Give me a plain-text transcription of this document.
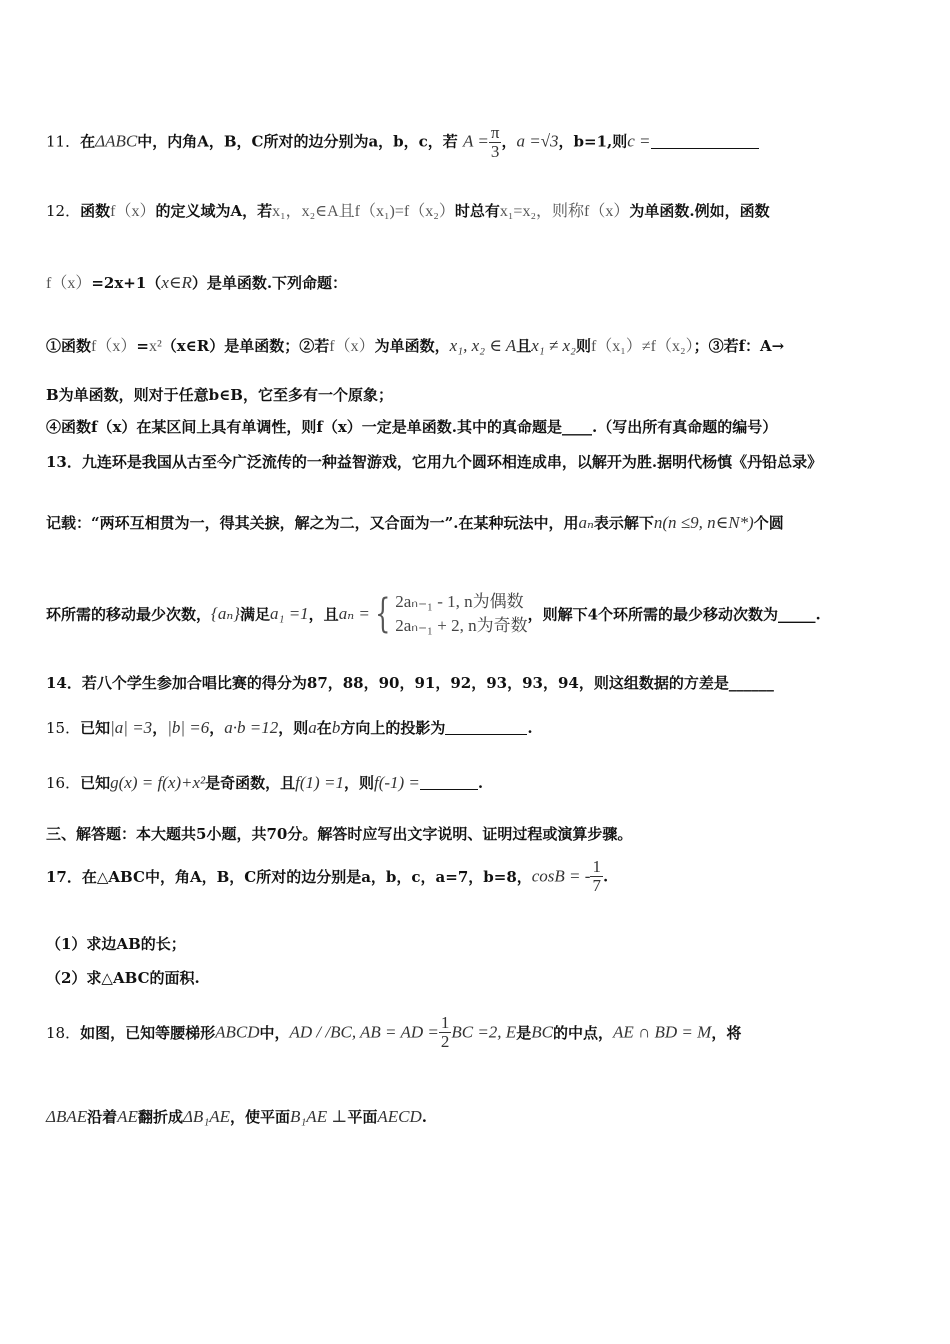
11．在ΔABC中，内角A，B，C所对的边分别为a，b，c，若 $A = \frac{\pi}{3}$ ，a =√3，b=1,则c =
12．函数f（x）的定义域为A，若x₁，x₂∈A且f（x₁)=f（x₂）时总有x₁=x₂，则称f（x）为单函数.例如，函数
f（x）=2x+1（x∈R）是单函数.下列命题：
①函数f（x）=x²（x∈R）是单函数；②若f（x）为单函数，x₁, x₂ ∈ A且x₁ ≠ x₂则f（x₁）≠f（x₂）；③若f：A→
B为单函数，则对于任意b∈B，它至多有一个原象；
④函数f（x）在某区间上具有单调性，则f（x）一定是单函数.其中的真命题是____.（写出所有真命题的编号）
13．九连环是我国从古至今广泛流传的一种益智游戏，它用九个圆环相连成串，以解开为胜.据明代杨慎《丹铅总录》
记载：“两环互相贯为一，得其关捩，解之为二，又合面为一”.在某种玩法中，用aₙ表示解下n(n ≤9, n∈N*)个圆
环所需的移动最少次数，{aₙ}满足a₁ =1，且aₙ = { 2aₙ₋₁ - 1, n为偶数
2aₙ₋₁ + 2, n为奇数
，则解下4个环所需的最少移动次数为_____.
14．若八个学生参加合唱比赛的得分为87，88，90，91，92，93，93，94，则这组数据的方差是______
15．已知|a| =3，|b| =6，a·b =12，则a在b方向上的投影为	.
16．已知g(x) = f(x)+x²是奇函数，且f(1) =1，则f(-1) =	.
三、解答题：本大题共5小题，共70分。解答时应写出文字说明、证明过程或演算步骤。
17．在△ABC中，角A，B，C所对的边分别是a，b，c，a=7，b=8，cosB = - $\frac{1}{7}$ .
（1）求边AB的长；
（2）求△ABC的面积.
18．如图，已知等腰梯形ABCD中，AD / /BC, AB = AD = $\frac{1}{2}$ BC =2, E是BC的中点，AE ∩ BD = M，将
ΔBAE沿着AE翻折成ΔB₁AE，使平面B₁AE ⊥平面AECD.
